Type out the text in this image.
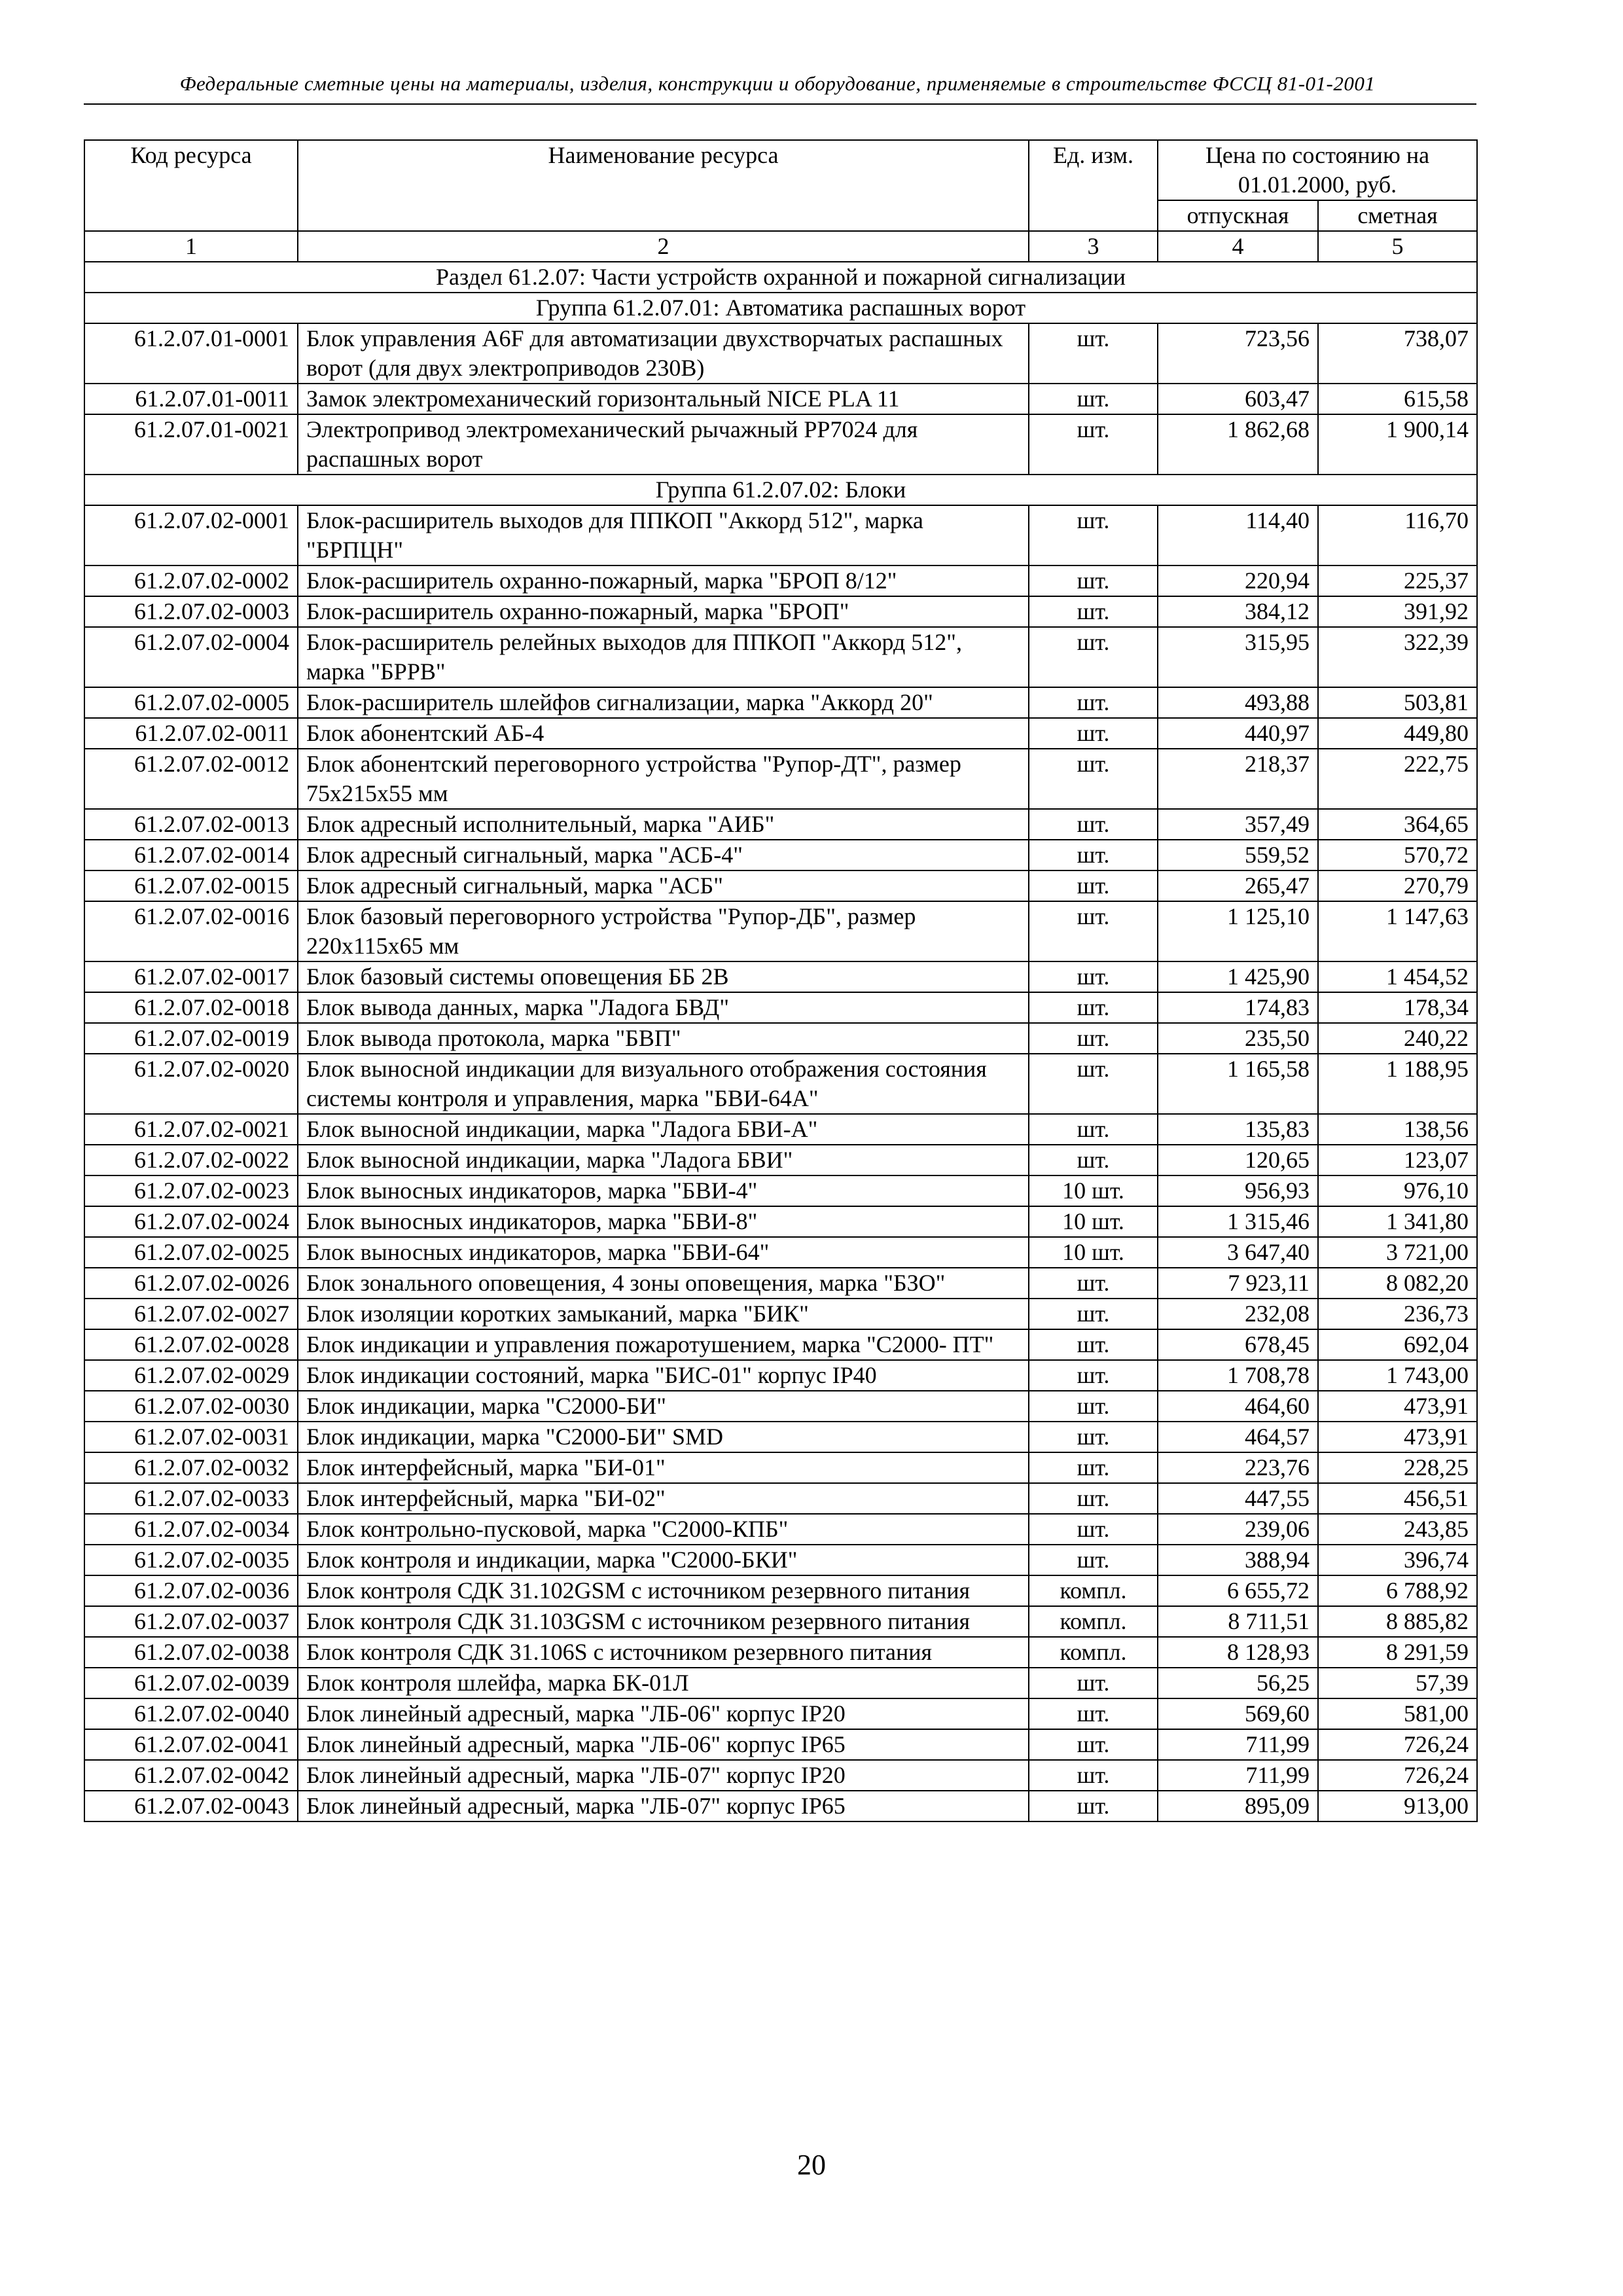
Федеральные сметные цены на материалы, изделия, конструкции и оборудование, применяемые в строительстве ФССЦ 81-01-2001
Код ресурса	Наименование ресурса	Ед. изм.	Цена по состоянию на 01.01.2000, руб.	
			отпускная	сметная
1	2	3	4	5
Раздел 61.2.07: Части устройств охранной и пожарной сигнализации				
Группа 61.2.07.01: Автоматика распашных ворот				
61.2.07.01-0001	Блок управления A6F для автоматизации двухстворчатых распашных ворот (для двух электроприводов 230В)	шт.	723,56	738,07
61.2.07.01-0011	Замок электромеханический горизонтальный NICE PLA 11	шт.	603,47	615,58
61.2.07.01-0021	Электропривод электромеханический рычажный PP7024 для распашных ворот	шт.	1 862,68	1 900,14
Группа 61.2.07.02: Блоки				
61.2.07.02-0001	Блок-расширитель выходов для ППКОП "Аккорд 512", марка "БРПЦН"	шт.	114,40	116,70
61.2.07.02-0002	Блок-расширитель охранно-пожарный, марка "БРОП 8/12"	шт.	220,94	225,37
61.2.07.02-0003	Блок-расширитель охранно-пожарный, марка "БРОП"	шт.	384,12	391,92
61.2.07.02-0004	Блок-расширитель релейных выходов для ППКОП "Аккорд 512", марка "БРРВ"	шт.	315,95	322,39
61.2.07.02-0005	Блок-расширитель шлейфов сигнализации, марка "Аккорд 20"	шт.	493,88	503,81
61.2.07.02-0011	Блок абонентский АБ-4	шт.	440,97	449,80
61.2.07.02-0012	Блок абонентский переговорного устройства "Рупор-ДТ", размер 75x215x55 мм	шт.	218,37	222,75
61.2.07.02-0013	Блок адресный исполнительный, марка "АИБ"	шт.	357,49	364,65
61.2.07.02-0014	Блок адресный сигнальный, марка "АСБ-4"	шт.	559,52	570,72
61.2.07.02-0015	Блок адресный сигнальный, марка "АСБ"	шт.	265,47	270,79
61.2.07.02-0016	Блок базовый переговорного устройства "Рупор-ДБ", размер 220x115x65 мм	шт.	1 125,10	1 147,63
61.2.07.02-0017	Блок базовый системы оповещения ББ 2В	шт.	1 425,90	1 454,52
61.2.07.02-0018	Блок вывода данных, марка "Ладога БВД"	шт.	174,83	178,34
61.2.07.02-0019	Блок вывода протокола, марка "БВП"	шт.	235,50	240,22
61.2.07.02-0020	Блок выносной индикации для визуального отображения состояния системы контроля и управления, марка "БВИ-64А"	шт.	1 165,58	1 188,95
61.2.07.02-0021	Блок выносной индикации, марка "Ладога БВИ-А"	шт.	135,83	138,56
61.2.07.02-0022	Блок выносной индикации, марка "Ладога БВИ"	шт.	120,65	123,07
61.2.07.02-0023	Блок выносных индикаторов, марка "БВИ-4"	10 шт.	956,93	976,10
61.2.07.02-0024	Блок выносных индикаторов, марка "БВИ-8"	10 шт.	1 315,46	1 341,80
61.2.07.02-0025	Блок выносных индикаторов, марка "БВИ-64"	10 шт.	3 647,40	3 721,00
61.2.07.02-0026	Блок зонального оповещения, 4 зоны оповещения, марка "БЗО"	шт.	7 923,11	8 082,20
61.2.07.02-0027	Блок изоляции коротких замыканий, марка "БИК"	шт.	232,08	236,73
61.2.07.02-0028	Блок индикации и управления пожаротушением, марка "С2000- ПТ"	шт.	678,45	692,04
61.2.07.02-0029	Блок индикации состояний, марка "БИС-01" корпус IP40	шт.	1 708,78	1 743,00
61.2.07.02-0030	Блок индикации, марка "С2000-БИ"	шт.	464,60	473,91
61.2.07.02-0031	Блок индикации, марка "С2000-БИ" SMD	шт.	464,57	473,91
61.2.07.02-0032	Блок интерфейсный, марка "БИ-01"	шт.	223,76	228,25
61.2.07.02-0033	Блок интерфейсный, марка "БИ-02"	шт.	447,55	456,51
61.2.07.02-0034	Блок контрольно-пусковой, марка "С2000-КПБ"	шт.	239,06	243,85
61.2.07.02-0035	Блок контроля и индикации, марка "С2000-БКИ"	шт.	388,94	396,74
61.2.07.02-0036	Блок контроля СДК 31.102GSM с источником резервного питания	компл.	6 655,72	6 788,92
61.2.07.02-0037	Блок контроля СДК 31.103GSM с источником резервного питания	компл.	8 711,51	8 885,82
61.2.07.02-0038	Блок контроля СДК 31.106S с источником резервного питания	компл.	8 128,93	8 291,59
61.2.07.02-0039	Блок контроля шлейфа, марка БК-01Л	шт.	56,25	57,39
61.2.07.02-0040	Блок линейный адресный, марка "ЛБ-06" корпус IP20	шт.	569,60	581,00
61.2.07.02-0041	Блок линейный адресный, марка "ЛБ-06" корпус IP65	шт.	711,99	726,24
61.2.07.02-0042	Блок линейный адресный, марка "ЛБ-07" корпус IP20	шт.	711,99	726,24
61.2.07.02-0043	Блок линейный адресный, марка "ЛБ-07" корпус IP65	шт.	895,09	913,00
20
